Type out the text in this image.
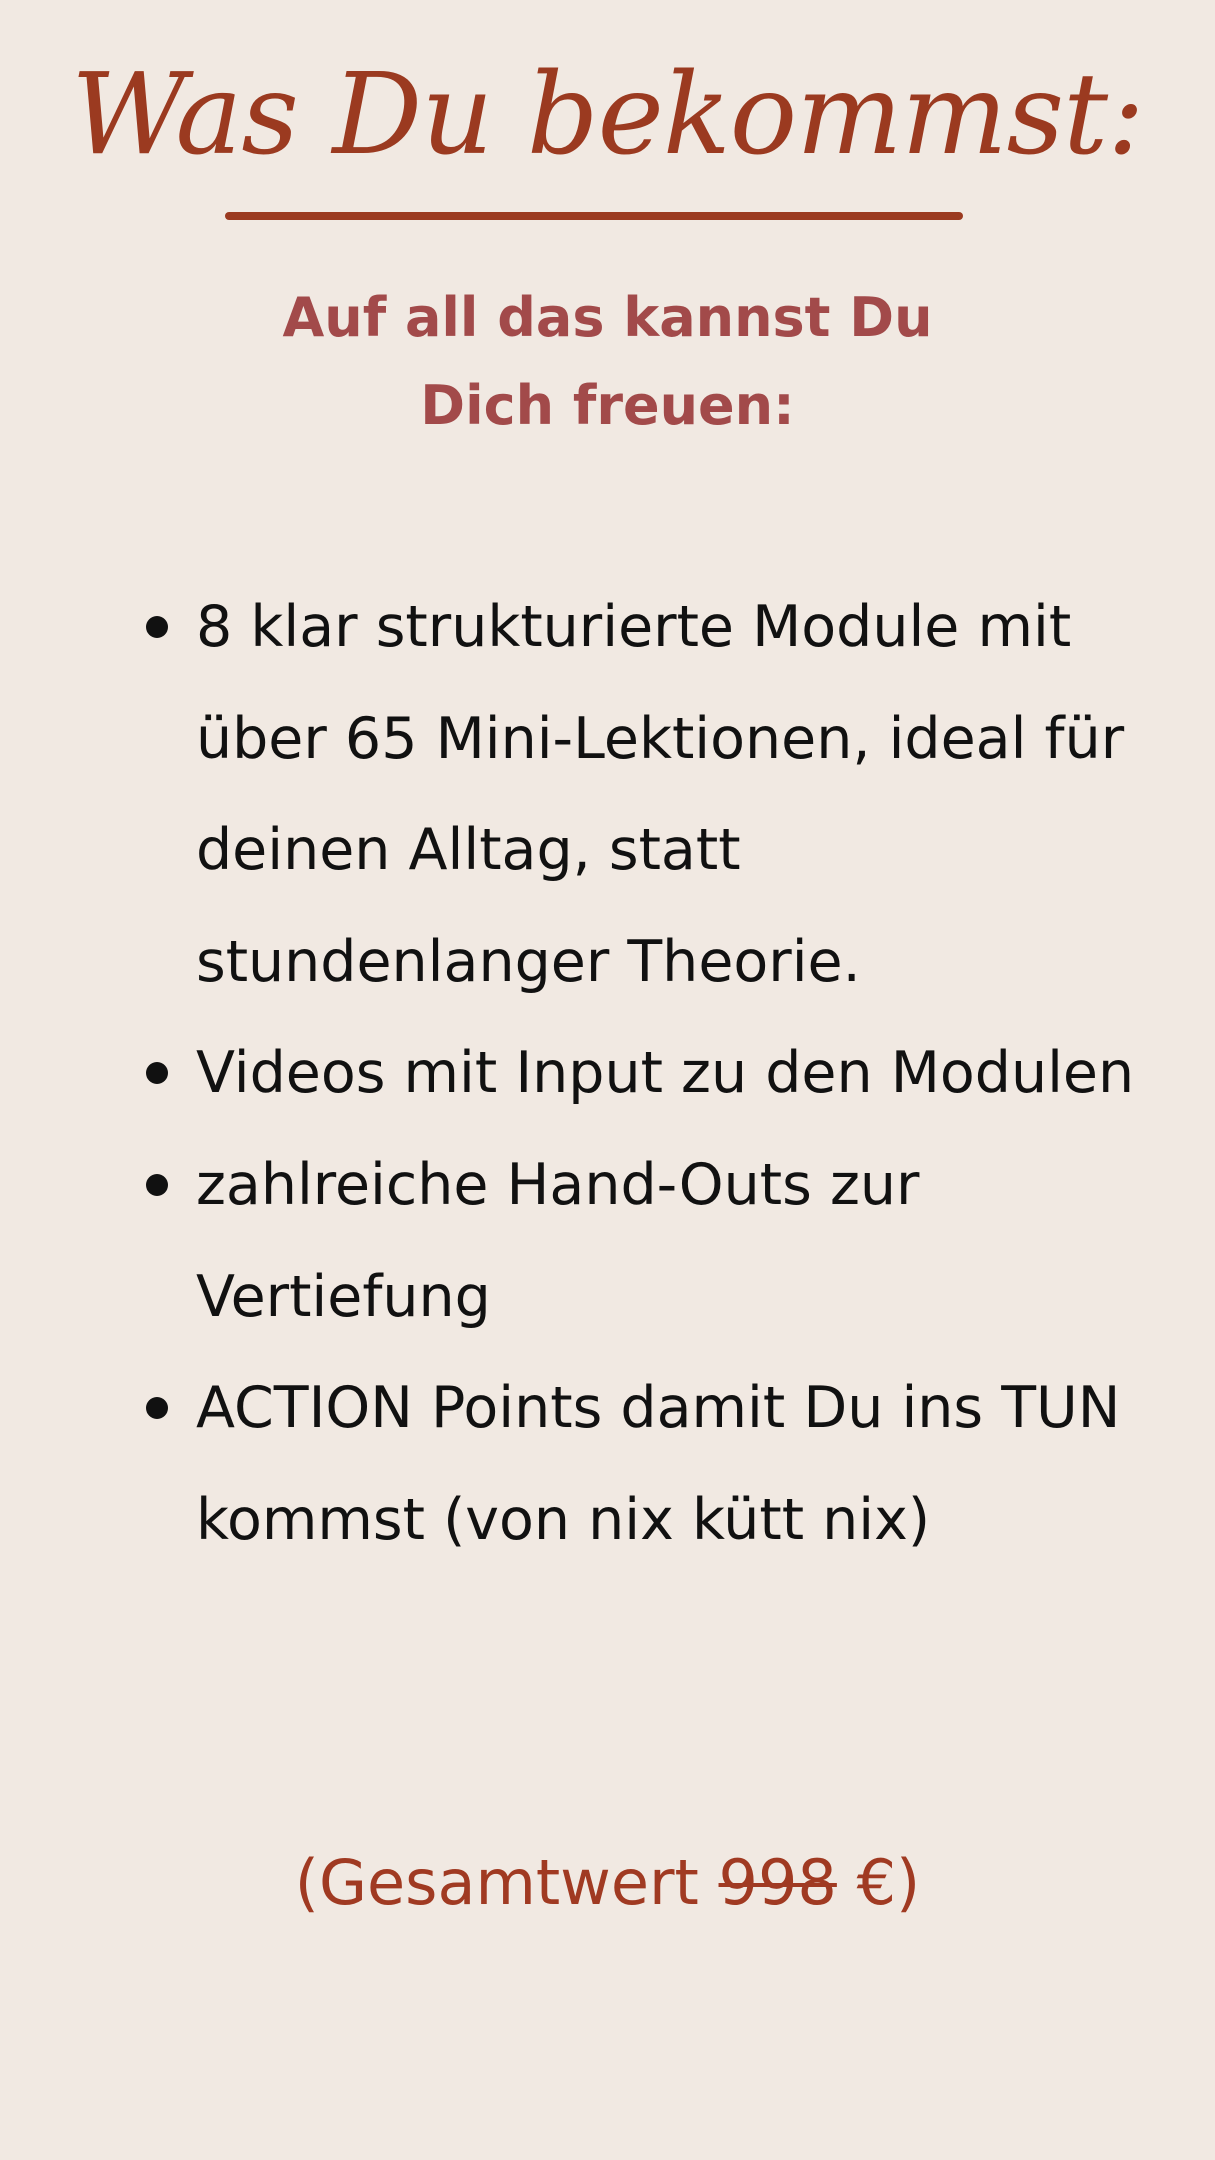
Was Du bekommst:
Auf all das kannst Du
Dich freuen:
8 klar strukturierte Module mit über 65 Mini-Lektionen, ideal für deinen Alltag, statt stundenlanger Theorie.
Videos mit Input zu den Modulen
zahlreiche Hand-Outs zur Vertiefung
ACTION Points damit Du ins TUN kommst (von nix kütt nix)

(Gesamtwert 998 €)
